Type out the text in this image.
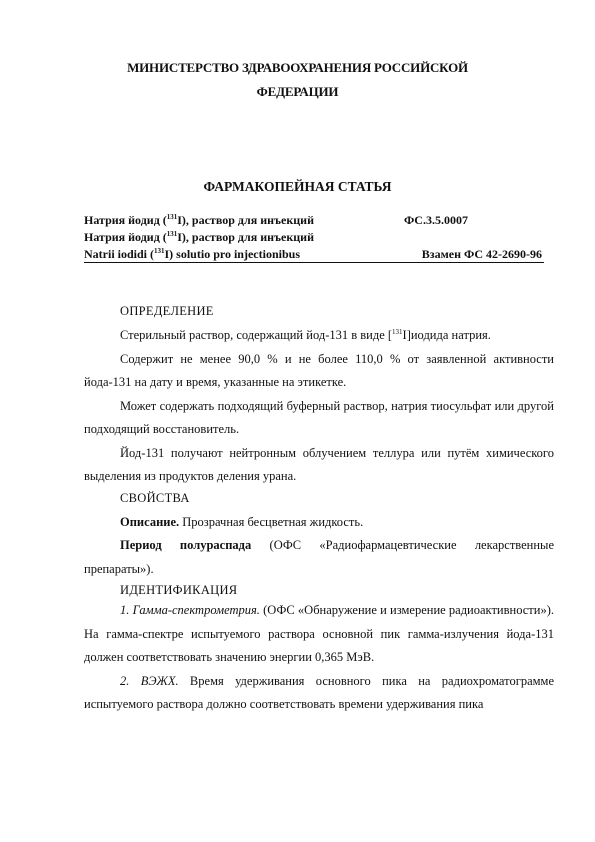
МИНИСТЕРСТВО ЗДРАВООХРАНЕНИЯ РОССИЙСКОЙ
ФЕДЕРАЦИИ
ФАРМАКОПЕЙНАЯ СТАТЬЯ
Натрия йодид ($^{131}$I), раствор для инъекций	ФС.3.5.0007
Натрия йодид ($^{131}$I), раствор для инъекций
Natrii iodidi ($^{131}$I) solutio pro injectionibus	Взамен ФС 42-2690-96
ОПРЕДЕЛЕНИЕ

Стерильный раствор, содержащий йод-131 в виде [$^{131}$I]иодида натрия.

Содержит не менее 90,0 % и не более 110,0 % от заявленной активности йода-131 на дату и время, указанные на этикетке.

Может содержать подходящий буферный раствор, натрия тиосульфат или другой подходящий восстановитель.

Йод-131 получают нейтронным облучением теллура или путём химического выделения из продуктов деления урана.

СВОЙСТВА

Описание. Прозрачная бесцветная жидкость.

Период полураспада (ОФС «Радиофармацевтические лекарственные препараты»).

ИДЕНТИФИКАЦИЯ

1. Гамма-спектрометрия. (ОФС «Обнаружение и измерение радиоактивности»). На гамма-спектре испытуемого раствора основной пик гамма-излучения йода-131 должен соответствовать значению энергии 0,365 МэВ.

2. ВЭЖХ. Время удерживания основного пика на радиохроматограмме испытуемого раствора должно соответствовать времени удерживания пика
